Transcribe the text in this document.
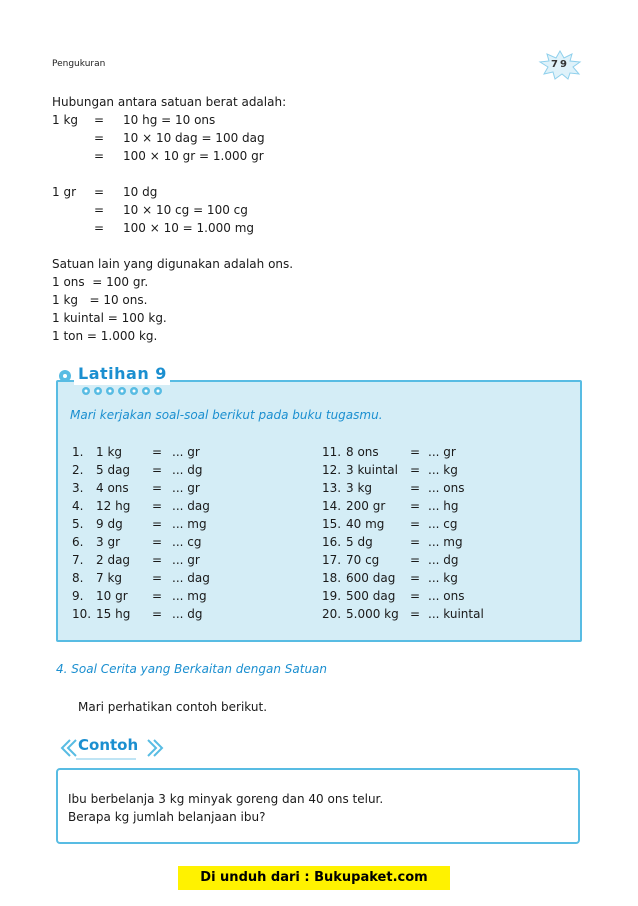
Pengukuran	79
Hubungan antara satuan berat adalah:
1 kg = 10 hg = 10 ons
= 10 × 10 dag = 100 dag
= 100 × 10 gr = 1.000 gr
1 gr = 10 dg
= 10 × 10 cg = 100 cg
= 100 × 10 = 1.000 mg
Satuan lain yang digunakan adalah ons.
1 ons  = 100 gr.
1 kg   = 10 ons.
1 kuintal = 100 kg.
1 ton = 1.000 kg.
Latihan 9
Mari kerjakan soal-soal berikut pada buku tugasmu.
1. 1 kg = ... gr
2. 5 dag = ... dg
3. 4 ons = ... gr
4. 12 hg = ... dag
5. 9 dg = ... mg
6. 3 gr	= ... cg
7. 2 dag = ... gr
8. 7 kg = ... dag
9. 10 gr = ... mg
10. 15 hg = ... dg
11. 8 ons	= ... gr
12. 3 kuintal = ... kg
13. 3 kg	= ... ons
14. 200 gr = ... hg
15. 40 mg = ... cg
16. 5 dg	= ... mg
17. 70 cg	= ... dg
18. 600 dag = ... kg
19. 500 dag = ... ons
20. 5.000 kg = ... kuintal
4. Soal Cerita yang Berkaitan dengan Satuan
Mari perhatikan contoh berikut.
Contoh
Ibu berbelanja 3 kg minyak goreng dan 40 ons telur.
Berapa kg jumlah belanjaan ibu?
Di unduh dari : Bukupaket.com
